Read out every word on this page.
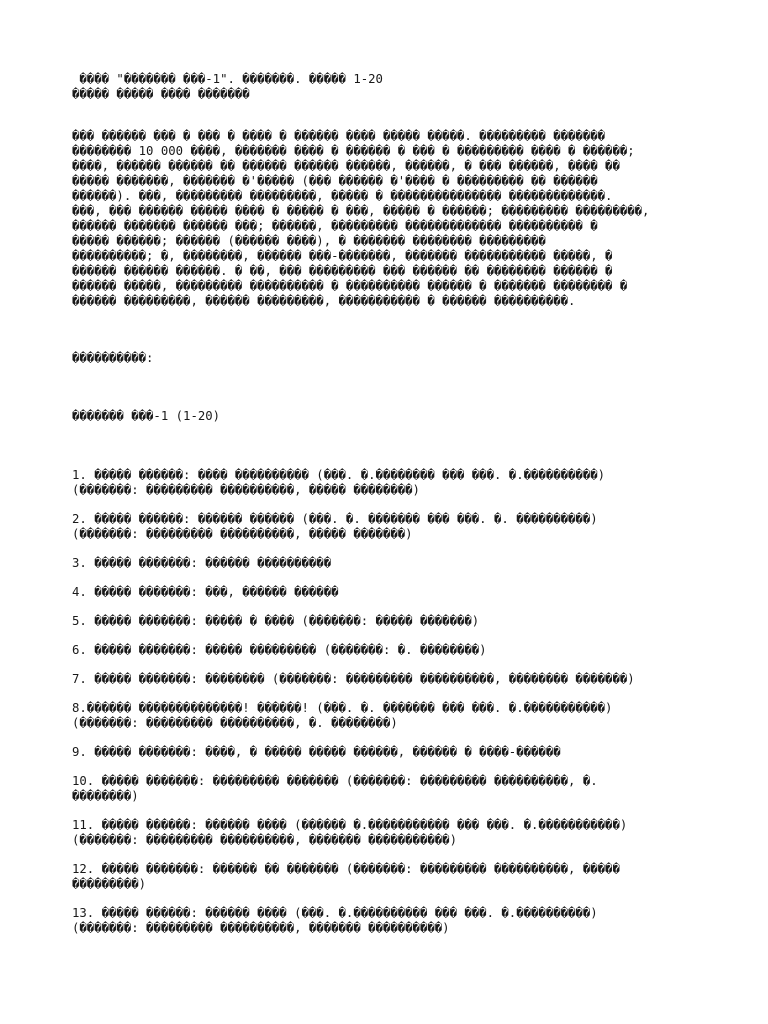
���� "������� ���-1". �������. ����� 1-20
����� ����� ���� �������
��� ������ ��� � ��� � ���� � ������ ���� ����� �����. ��������� �������
�������� 10 000 ����, ������� ���� � ������ � ��� � ��������� ���� � ������;
����, ������ ������ �� ������ ������ ������, ������, � ��� ������, ���� ��
����� �������, ������� �'����� (��� ������ �'���� � ��������� �� ������
������). ���, ��������� ���������, ����� � ��������������� �������������.
���, ��� ������ ����� ���� � ����� � ���, ����� � ������; ��������� ���������,
������ ������� ������ ���; ������, ��������� ������������� ���������� �
����� ������; ������ (������ ����), � ������� �������� ���������
����������; �, ��������, ������ ���-�������, ������� ����������� �����, �
������ ������ ������. � ��, ��� ��������� ��� ������ �� �������� ������ �
������ �����, ��������� ���������� � ���������� ������ � ������� �������� �
������ ���������, ������ ���������, ����������� � ������ ����������.
����������:
������� ���-1 (1-20)
1. ����� ������: ���� ���������� (���. �.�������� ��� ���. �.����������)
(�������: ��������� ����������, ����� ��������)
2. ����� ������: ������ ������ (���. �. ������� ��� ���. �. ����������)
(�������: ��������� ����������, ����� �������)
3. ����� �������: ������ ����������
4. ����� �������: ���, ������ ������
5. ����� �������: ����� � ���� (�������: ����� �������)
6. ����� �������: ����� ��������� (�������: �. ��������)
7. ����� �������: �������� (�������: ��������� ����������, �������� �������)
8.������ ��������������! ������! (���. �. ������� ��� ���. �.�����������)
(�������: ��������� ����������, �. ��������)
9. ����� �������: ����, � ����� ����� ������, ������ � ����-������
10. ����� �������: ��������� ������� (�������: ��������� ����������, �.
��������)
11. ����� ������: ������ ���� (������ �.����������� ��� ���. �.�����������)
(�������: ��������� ����������, ������� �����������)
12. ����� �������: ������ �� ������� (�������: ��������� ����������, �����
���������)
13. ����� ������: ������ ���� (���. �.���������� ��� ���. �.����������)
(�������: ��������� ����������, ������� ����������)
